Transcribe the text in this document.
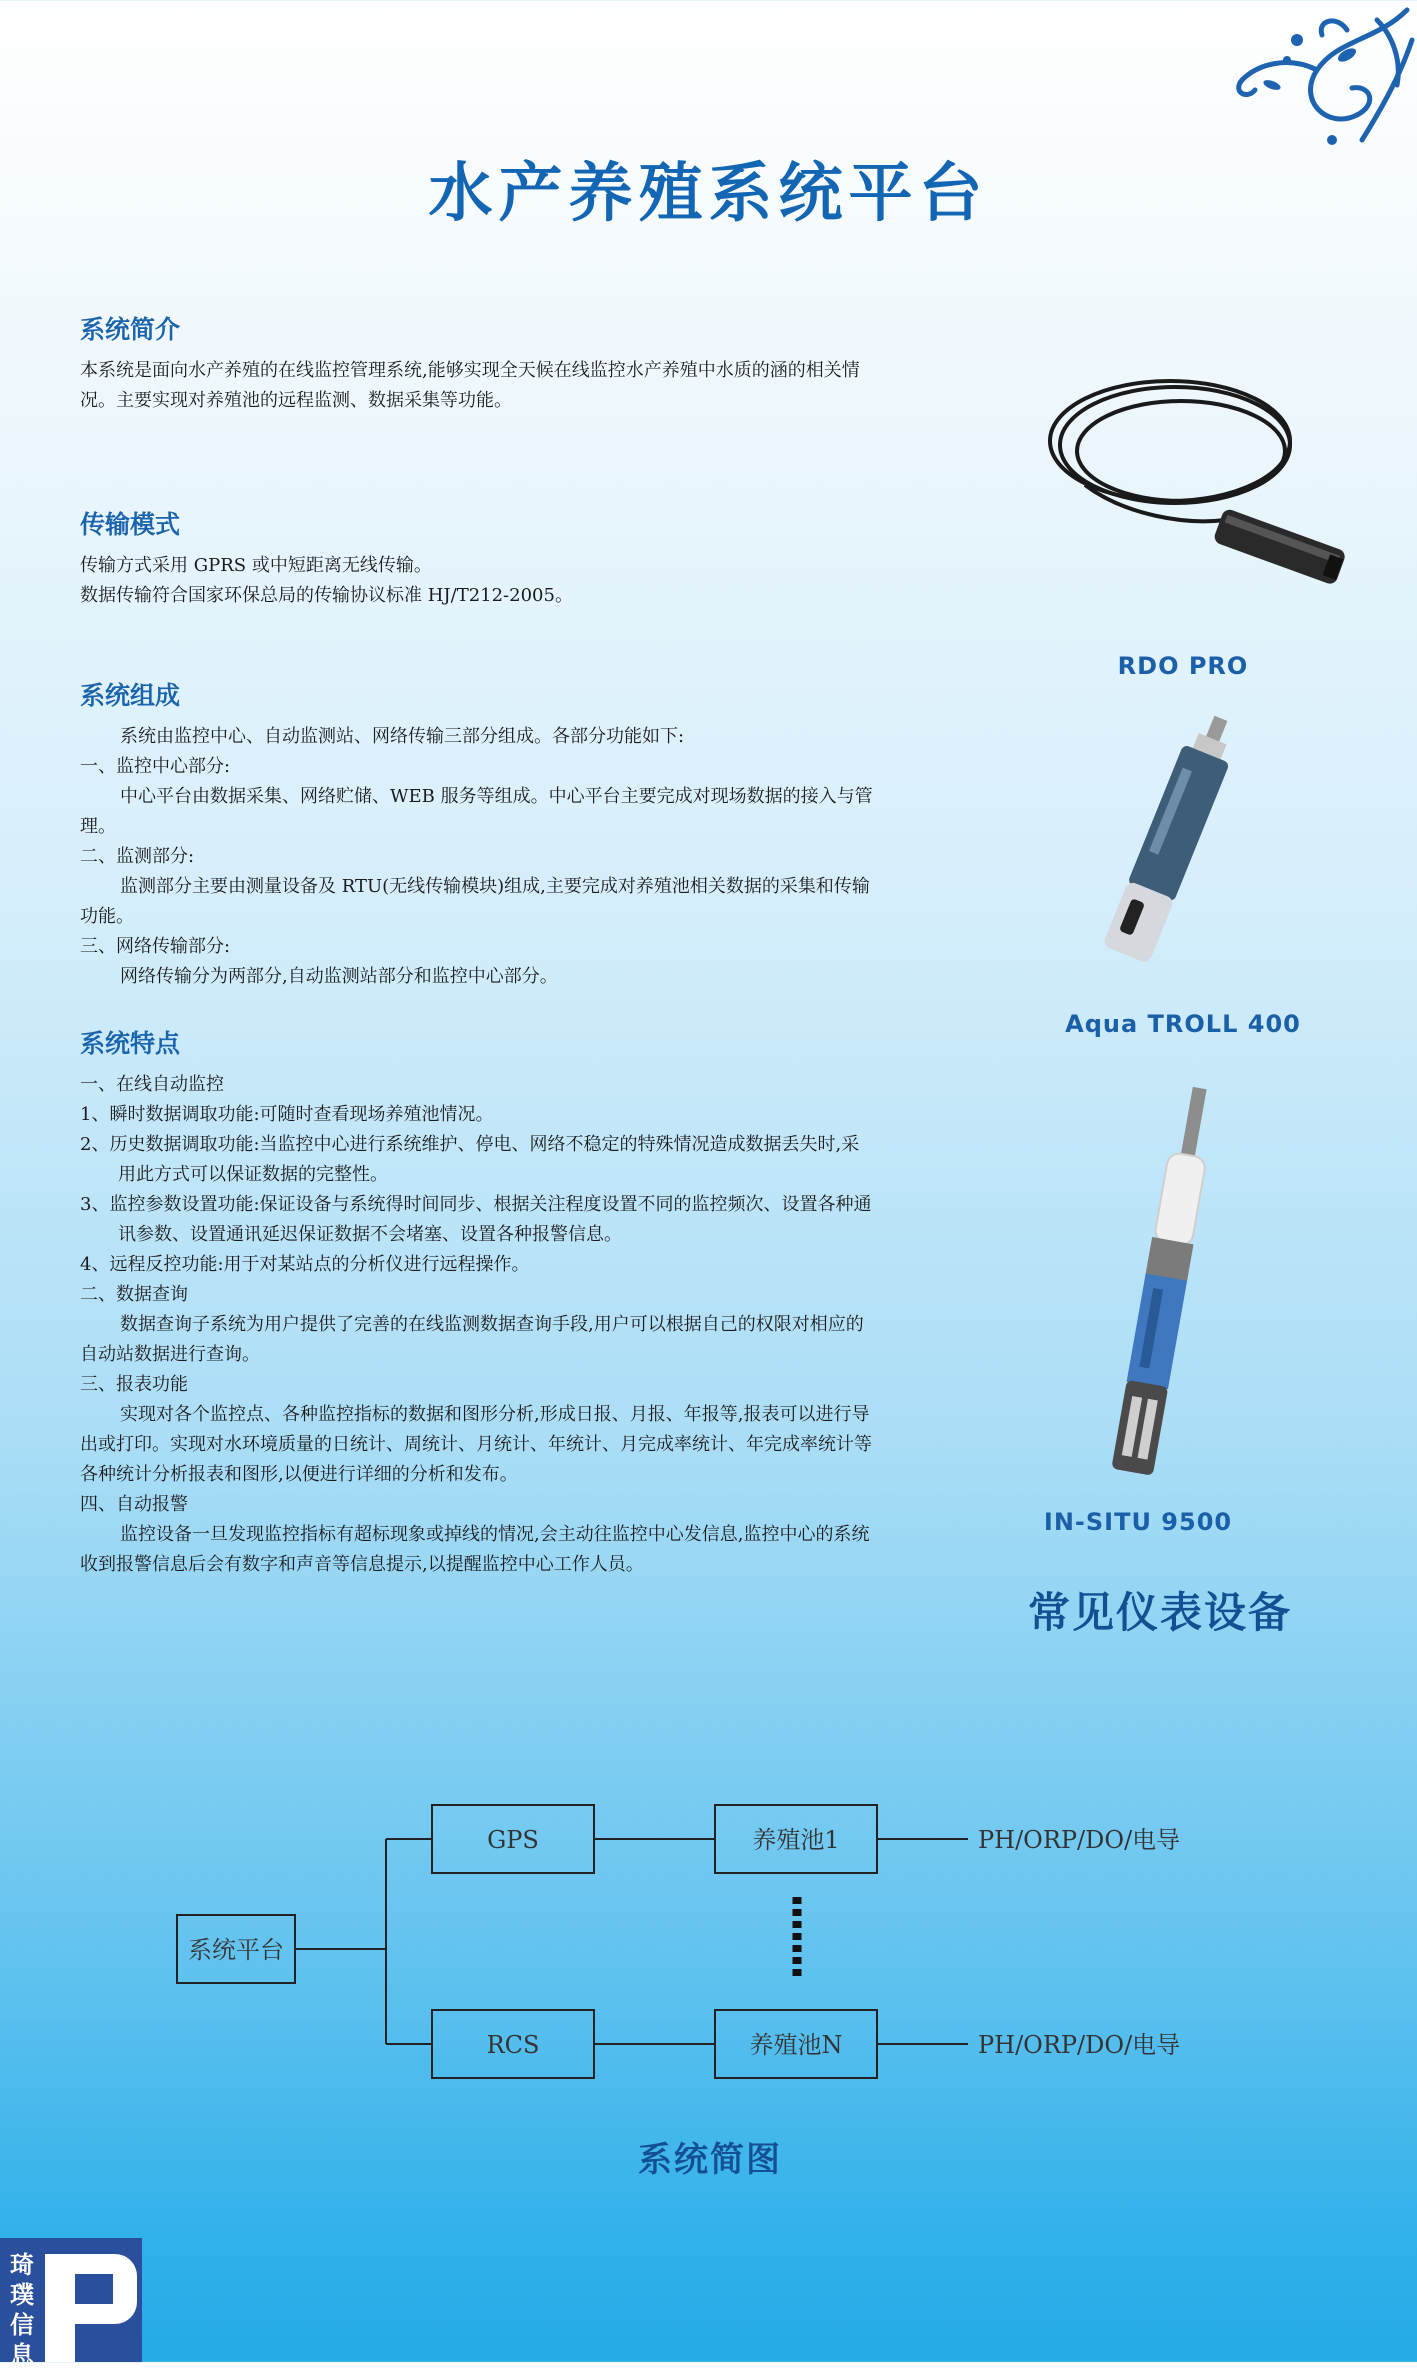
水产养殖系统平台
系统简介

本系统是面向水产养殖的在线监控管理系统,能够实现全天候在线监控水产养殖中水质的涵的相关情况。主要实现对养殖池的远程监测、数据采集等功能。

传输模式

传输方式采用 GPRS 或中短距离无线传输。

数据传输符合国家环保总局的传输协议标准 HJ/T212-2005。

系统组成

系统由监控中心、自动监测站、网络传输三部分组成。各部分功能如下:

一、监控中心部分:

中心平台由数据采集、网络贮储、WEB 服务等组成。中心平台主要完成对现场数据的接入与管理。

二、监测部分:

监测部分主要由测量设备及 RTU(无线传输模块)组成,主要完成对养殖池相关数据的采集和传输功能。

三、网络传输部分:

网络传输分为两部分,自动监测站部分和监控中心部分。

系统特点

一、在线自动监控

1、瞬时数据调取功能:可随时查看现场养殖池情况。

2、历史数据调取功能:当监控中心进行系统维护、停电、网络不稳定的特殊情况造成数据丢失时,采用此方式可以保证数据的完整性。

3、监控参数设置功能:保证设备与系统得时间同步、根据关注程度设置不同的监控频次、设置各种通讯参数、设置通讯延迟保证数据不会堵塞、设置各种报警信息。

4、远程反控功能:用于对某站点的分析仪进行远程操作。

二、数据查询

数据查询子系统为用户提供了完善的在线监测数据查询手段,用户可以根据自己的权限对相应的自动站数据进行查询。

三、报表功能

实现对各个监控点、各种监控指标的数据和图形分析,形成日报、月报、年报等,报表可以进行导出或打印。实现对水环境质量的日统计、周统计、月统计、年统计、月完成率统计、年完成率统计等各种统计分析报表和图形,以便进行详细的分析和发布。

四、自动报警

监控设备一旦发现监控指标有超标现象或掉线的情况,会主动往监控中心发信息,监控中心的系统收到报警信息后会有数字和声音等信息提示,以提醒监控中心工作人员。

RDO PRO
Aqua TROLL 400
IN-SITU 9500
常见仪表设备
系统平台
GPS
RCS
养殖池1
养殖池N
PH/ORP/DO/电导
PH/ORP/DO/电导
系统简图
琦璞信息
